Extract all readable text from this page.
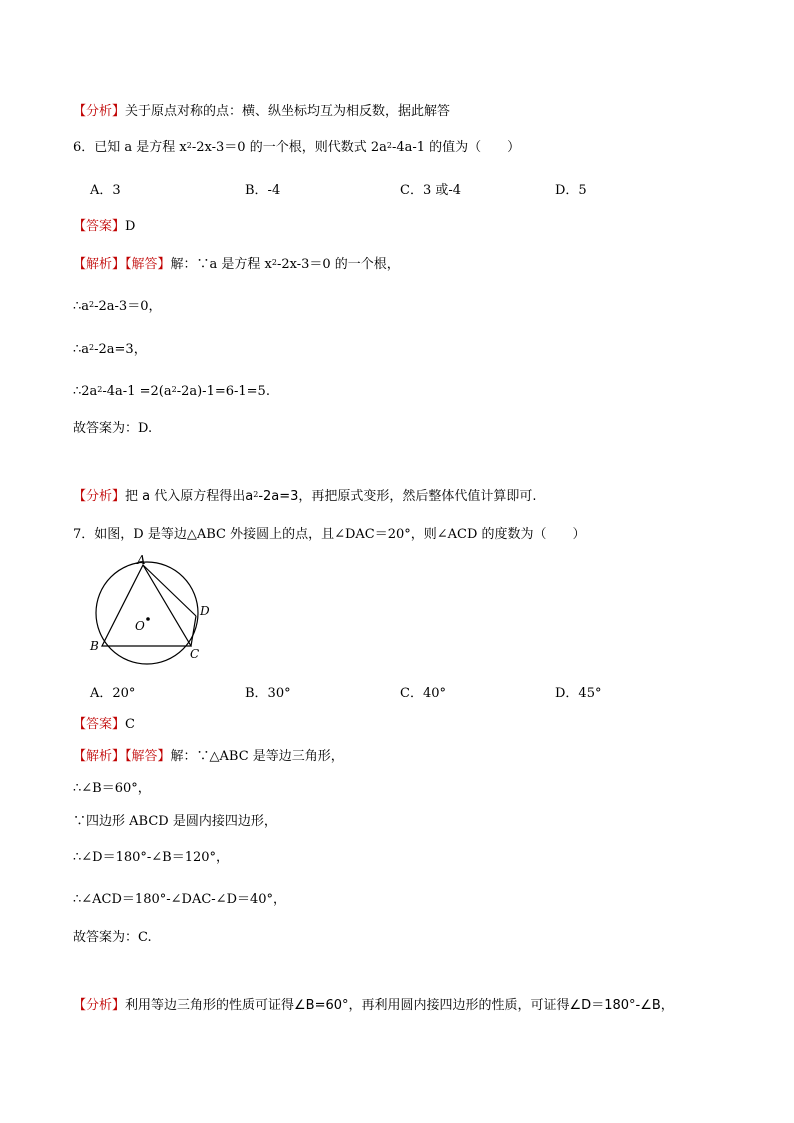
【分析】关于原点对称的点：横、纵坐标均互为相反数，据此解答
6．已知 a 是方程 $x^2-2x-3=0$ 的一个根，则代数式 $2a^2-4a-1$ 的值为（　　）
A．3	B．-4	C．3 或-4	D．5
【答案】D
【解析】【解答】解：∵a 是方程 $x^2-2x-3=0$ 的一个根，
$\therefore a^2-2a-3=0$，
$\therefore a^2-2a=3$，
$\therefore 2a^2-4a-1 =2(a^2-2a)-1=6-1=5$.
故答案为：D.
【分析】把 a 代入原方程得出$a^2-2a=3$，再把原式变形，然后整体代值计算即可.
7．如图，D 是等边△ABC 外接圆上的点，且∠DAC＝20°，则∠ACD 的度数为（　　）
A
B
C
D
O
A．20°	B．30°	C．40°	D．45°
【答案】C
【解析】【解答】解：∵△ABC 是等边三角形，
∴∠B＝60°，
∵四边形 ABCD 是圆内接四边形，
∴∠D＝180°-∠B＝120°，
∴∠ACD＝180°-∠DAC-∠D＝40°，
故答案为：C.
【分析】利用等边三角形的性质可证得∠B=60°，再利用圆内接四边形的性质，可证得∠D＝180°-∠B，
